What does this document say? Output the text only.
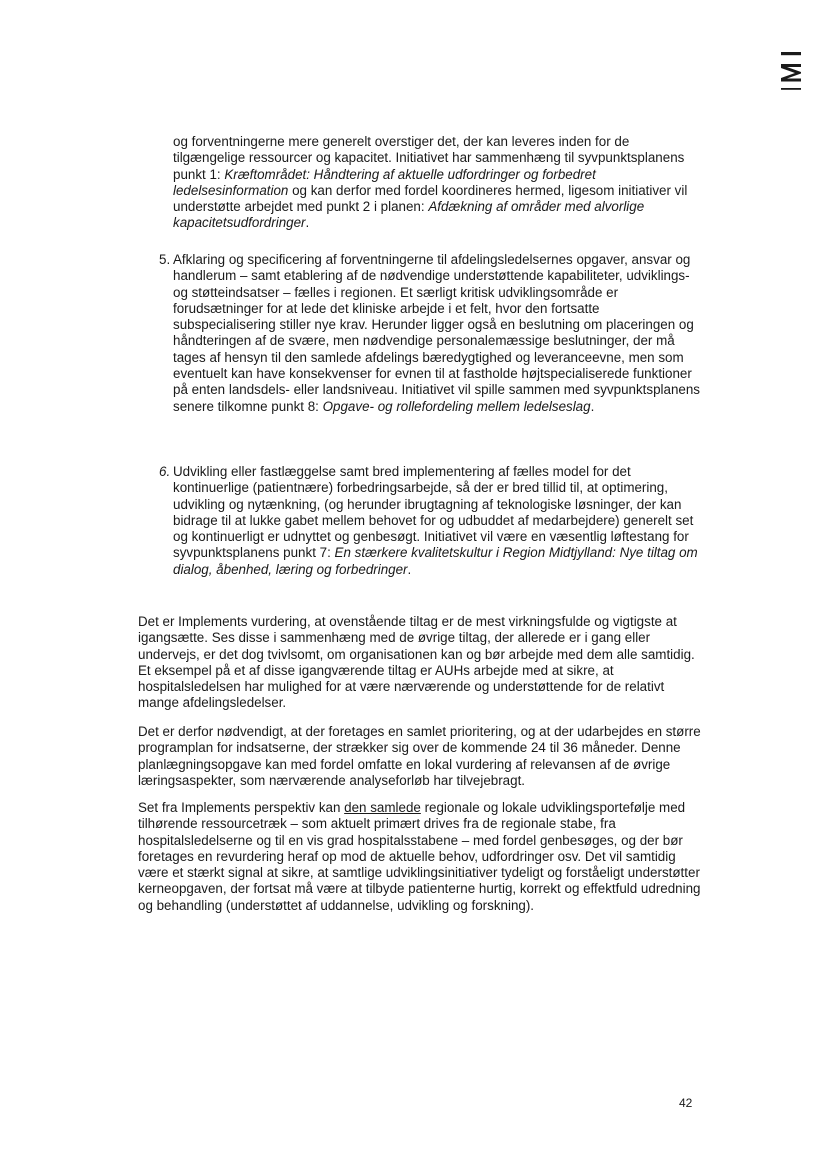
og forventningerne mere generelt overstiger det, der kan leveres inden for de tilgængelige ressourcer og kapacitet. Initiativet har sammenhæng til syvpunktsplanens punkt 1: Kræftområdet: Håndtering af aktuelle udfordringer og forbedret ledelsesinformation og kan derfor med fordel koordineres hermed, ligesom initiativer vil understøtte arbejdet med punkt 2 i planen: Afdækning af områder med alvorlige kapacitetsudfordringer.

5. Afklaring og specificering af forventningerne til afdelingsledelsernes opgaver, ansvar og handlerum – samt etablering af de nødvendige understøttende kapabiliteter, udviklings- og støtteindsatser – fælles i regionen. Et særligt kritisk udviklingsområde er forudsætninger for at lede det kliniske arbejde i et felt, hvor den fortsatte subspecialisering stiller nye krav. Herunder ligger også en beslutning om placeringen og håndteringen af de svære, men nødvendige personalemæssige beslutninger, der må tages af hensyn til den samlede afdelings bæredygtighed og leveranceevne, men som eventuelt kan have konsekvenser for evnen til at fastholde højtspecialiserede funktioner på enten landsdels- eller landsniveau. Initiativet vil spille sammen med syvpunktsplanens senere tilkomne punkt 8: Opgave- og rollefordeling mellem ledelseslag.
6. Udvikling eller fastlæggelse samt bred implementering af fælles model for det kontinuerlige (patientnære) forbedringsarbejde, så der er bred tillid til, at optimering, udvikling og nytænkning, (og herunder ibrugtagning af teknologiske løsninger, der kan bidrage til at lukke gabet mellem behovet for og udbuddet af medarbejdere) generelt set og kontinuerligt er udnyttet og genbesøgt. Initiativet vil være en væsentlig løftestang for syvpunktsplanens punkt 7: En stærkere kvalitetskultur i Region Midtjylland: Nye tiltag om dialog, åbenhed, læring og forbedringer.

Det er Implements vurdering, at ovenstående tiltag er de mest virkningsfulde og vigtigste at igangsætte. Ses disse i sammenhæng med de øvrige tiltag, der allerede er i gang eller undervejs, er det dog tvivlsomt, om organisationen kan og bør arbejde med dem alle samtidig. Et eksempel på et af disse igangværende tiltag er AUHs arbejde med at sikre, at hospitalsledelsen har mulighed for at være nærværende og understøttende for de relativt mange afdelingsledelser.

Det er derfor nødvendigt, at der foretages en samlet prioritering, og at der udarbejdes en større programplan for indsatserne, der strækker sig over de kommende 24 til 36 måneder. Denne planlægningsopgave kan med fordel omfatte en lokal vurdering af relevansen af de øvrige læringsaspekter, som nærværende analyseforløb har tilvejebragt.

Set fra Implements perspektiv kan den samlede regionale og lokale udviklingsportefølje med tilhørende ressourcetræk – som aktuelt primært drives fra de regionale stabe, fra hospitalsledelserne og til en vis grad hospitalsstabene – med fordel genbesøges, og der bør foretages en revurdering heraf op mod de aktuelle behov, udfordringer osv. Det vil samtidig være et stærkt signal at sikre, at samtlige udviklingsinitiativer tydeligt og forståeligt understøtter kerneopgaven, der fortsat må være at tilbyde patienterne hurtig, korrekt og effektfuld udredning og behandling (understøttet af uddannelse, udvikling og forskning).

42
